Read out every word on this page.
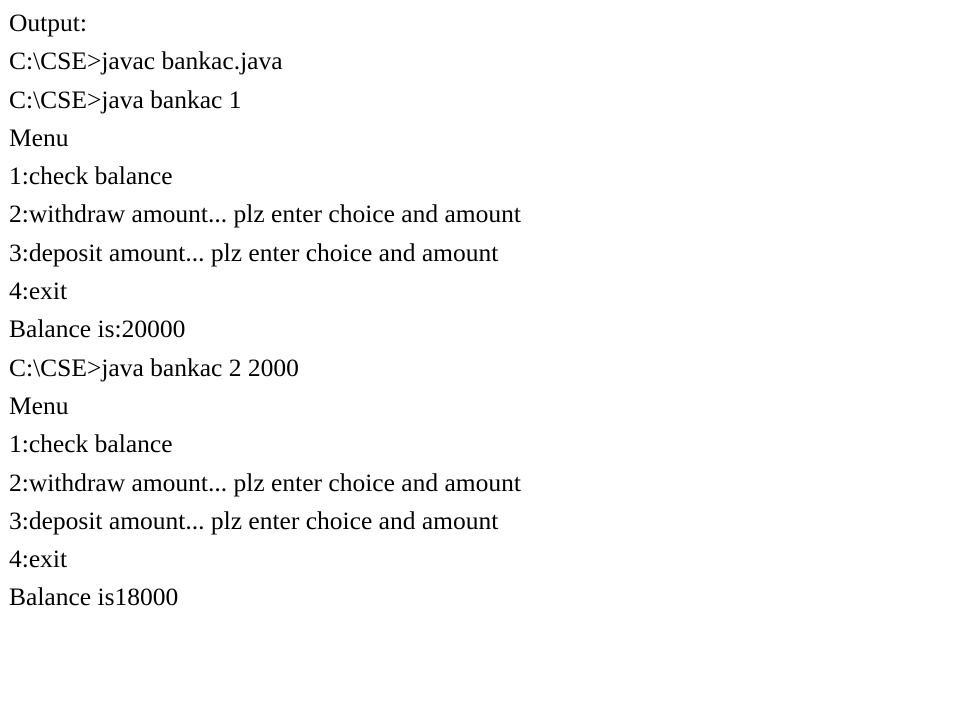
Output:
C:\CSE>javac bankac.java
C:\CSE>java bankac 1
Menu
1:check balance
2:withdraw amount... plz enter choice and amount
3:deposit amount... plz enter choice and amount
4:exit
Balance is:20000
C:\CSE>java bankac 2 2000
Menu
1:check balance
2:withdraw amount... plz enter choice and amount
3:deposit amount... plz enter choice and amount
4:exit
Balance is18000
